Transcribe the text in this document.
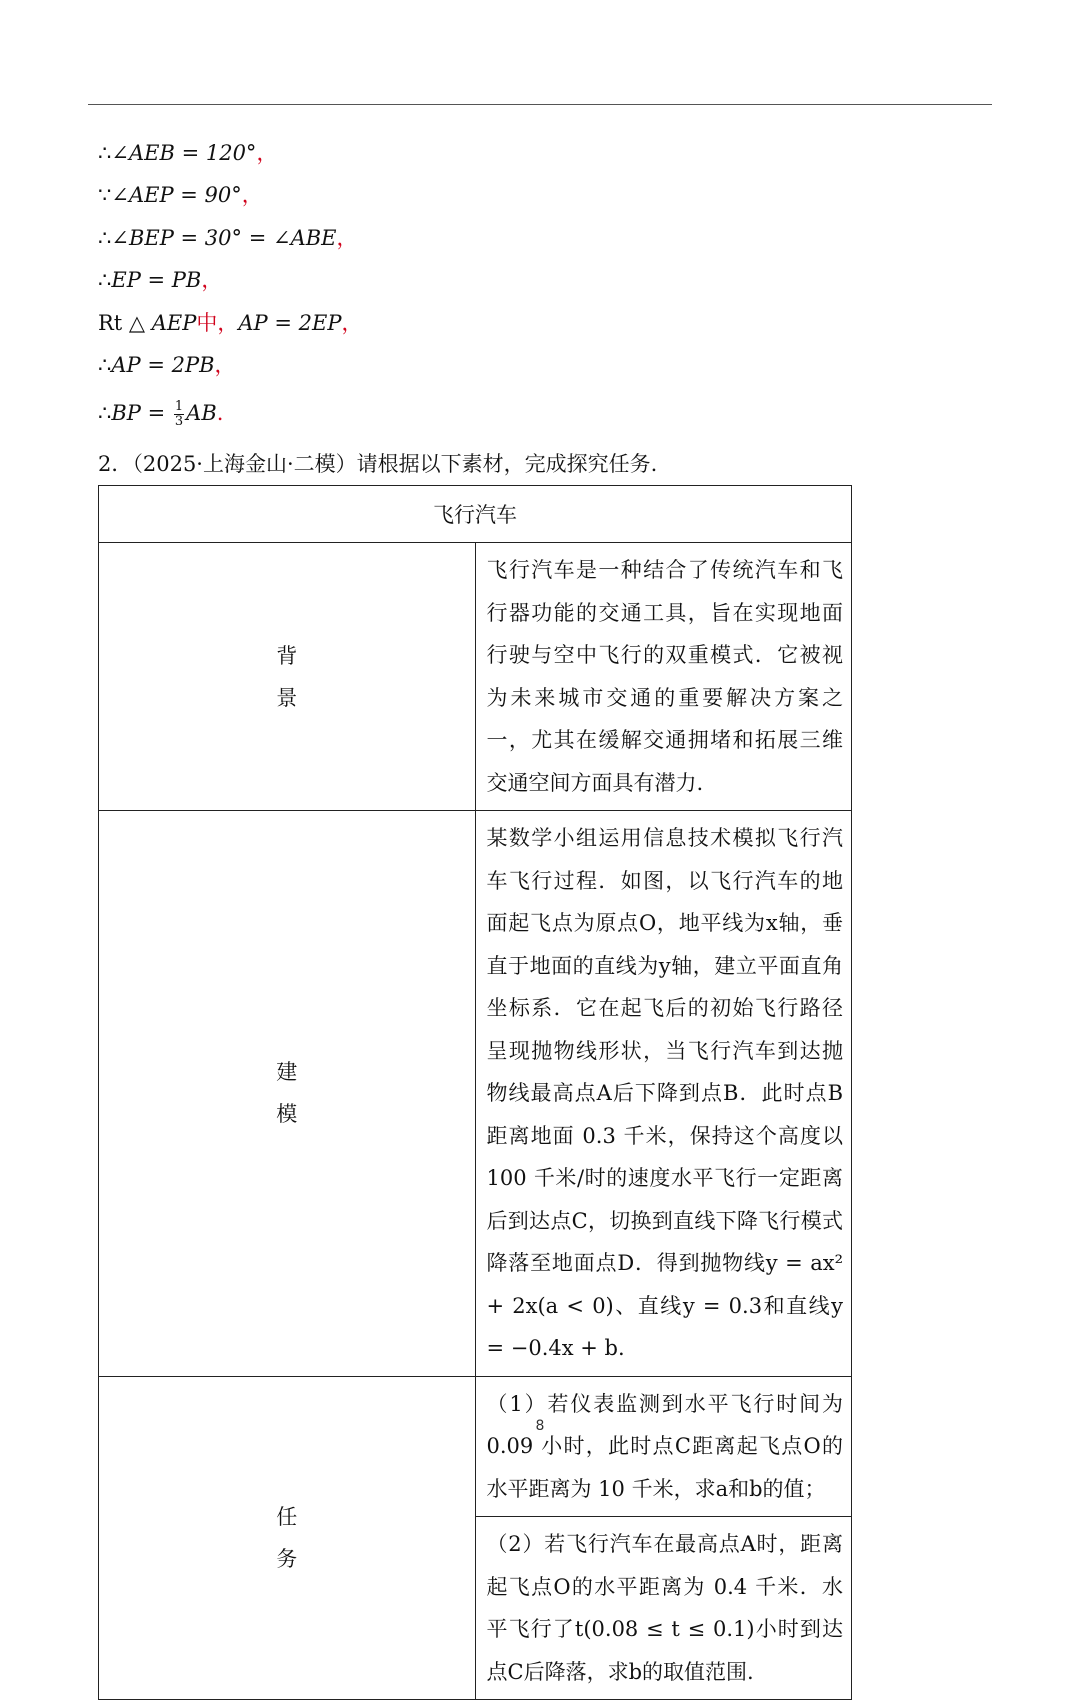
∴∠AEB = 120°，
∵∠AEP = 90°，
∴∠BEP = 30° = ∠ABE，
∴EP = PB，
Rt △ AEP中，AP = 2EP，
∴AP = 2PB，
∴BP = $\frac{1}{3}$ AB.
2．（2025·上海金山·二模）请根据以下素材，完成探究任务.
飞行汽车	

背
景	飞行汽车是一种结合了传统汽车和飞行器功能的交通工具，旨在实现地面行驶与空中飞行的双重模式．它被视为未来城市交通的重要解决方案之一，尤其在缓解交通拥堵和拓展三维交通空间方面具有潜力.

建
模	某数学小组运用信息技术模拟飞行汽车飞行过程．如图，以飞行汽车的地面起飞点为原点O，地平线为x轴，垂直于地面的直线为y轴，建立平面直角坐标系．它在起飞后的初始飞行路径呈现抛物线形状，当飞行汽车到达抛物线最高点A后下降到点B．此时点B距离地面 0.3 千米，保持这个高度以 100 千米/时的速度水平飞行一定距离后到达点C，切换到直线下降飞行模式降落至地面点D．得到抛物线y = ax² + 2x(a < 0)、直线y = 0.3和直线y = −0.4x + b.

任
务	（1）若仪表监测到水平飞行时间为 0.09 小时，此时点C距离起飞点O的水平距离为 10 千米，求a和b的值；
	（2）若飞行汽车在最高点A时，距离起飞点O的水平距离为 0.4 千米．水平飞行了t(0.08 ≤ t ≤ 0.1)小时到达点C后降落，求b的取值范围.
8
